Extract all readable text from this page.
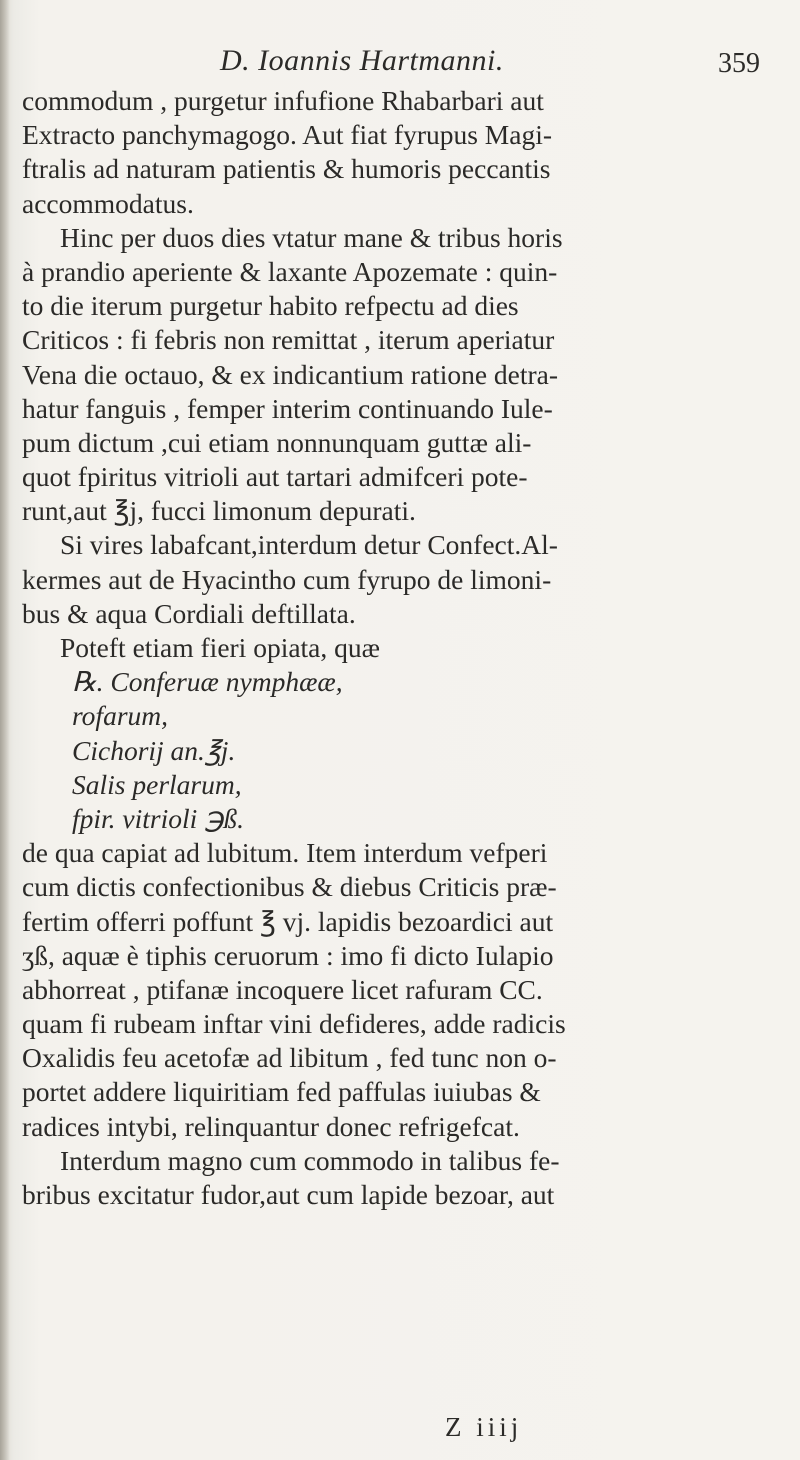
D. Ioannis Hartmanni.	359
commodum , purgetur infufione Rhabarbari aut
Extracto panchymagogo. Aut fiat fyrupus Magi-
ftralis ad naturam patientis & humoris peccantis
accommodatus.
Hinc per duos dies vtatur mane & tribus horis
à prandio aperiente & laxante Apozemate : quin-
to die iterum purgetur habito refpectu ad dies
Criticos : fi febris non remittat , iterum aperiatur
Vena die octauo, & ex indicantium ratione detra-
hatur fanguis , femper interim continuando Iule-
pum dictum ,cui etiam nonnunquam guttæ ali-
quot fpiritus vitrioli aut tartari admifceri pote-
runt,aut ℥j, fucci limonum depurati.
Si vires labafcant,interdum detur Confect.Al-
kermes aut de Hyacintho cum fyrupo de limoni-
bus & aqua Cordiali deftillata.
Poteft etiam fieri opiata, quæ
℞. Conferuæ nymphææ,
rofarum,
Cichorij an.℥j.
Salis perlarum,
fpir. vitrioli ℈ß.
de qua capiat ad lubitum. Item interdum vefperi
cum dictis confectionibus & diebus Criticis præ-
fertim offerri poffunt ℥ vj. lapidis bezoardici aut
ʒß, aquæ è tiphis ceruorum : imo fi dicto Iulapio
abhorreat , ptifanæ incoquere licet rafuram CC.
quam fi rubeam inftar vini defideres, adde radicis
Oxalidis feu acetofæ ad libitum , fed tunc non o-
portet addere liquiritiam fed paffulas iuiubas &
radices intybi, relinquantur donec refrigefcat.
Interdum magno cum commodo in talibus fe-
bribus excitatur fudor,aut cum lapide bezoar, aut
Z iiij
